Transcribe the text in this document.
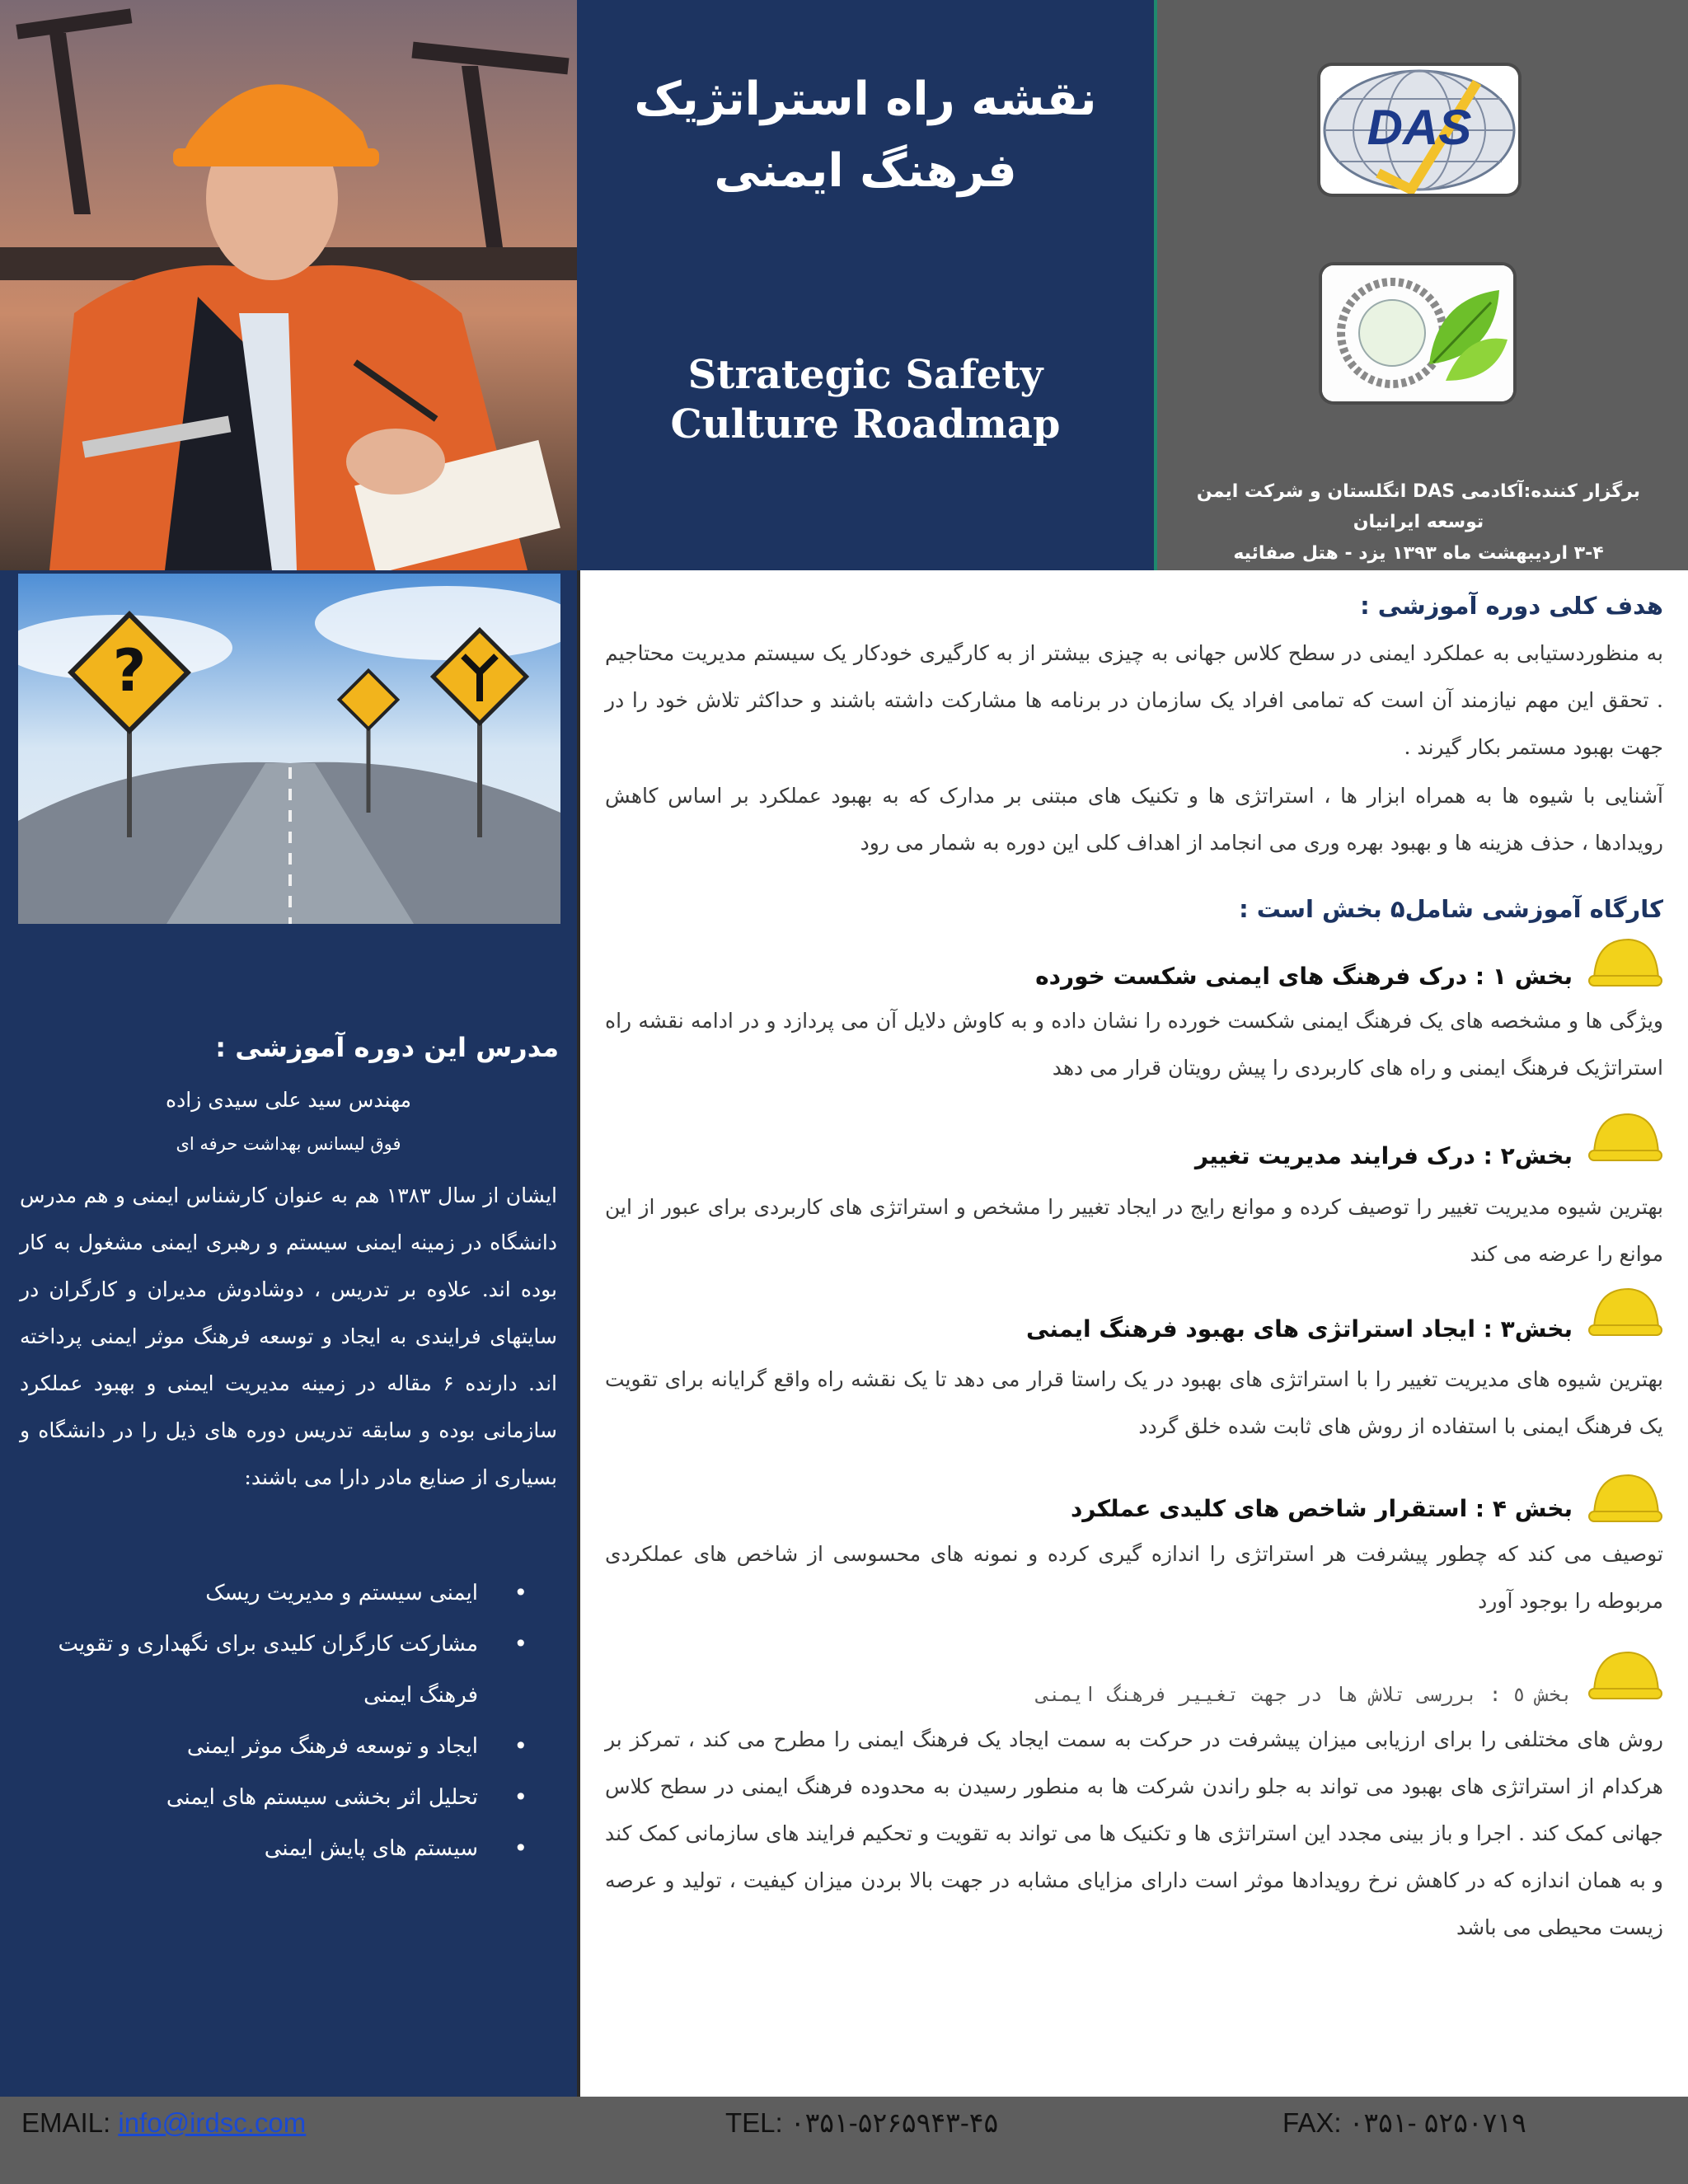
نقشه راه استراتژیک فرهنگ ایمنی
Strategic Safety Culture Roadmap
DAS
برگزار کننده:آکادمی DAS انگلستان و شرکت ایمن توسعه ایرانیان
۳-۴ اردیبهشت ماه ۱۳۹۳ یزد - هتل صفائیه
?
مدرس این دوره آموزشی :
مهندس سید علی سیدی زاده
فوق لیسانس بهداشت حرفه ای
ایشان از سال ۱۳۸۳ هم به عنوان کارشناس ایمنی و هم مدرس دانشگاه در زمینه ایمنی سیستم و رهبری ایمنی مشغول به کار بوده اند. علاوه بر تدریس ، دوشادوش مدیران و کارگران در سایتهای فرایندی به ایجاد و توسعه فرهنگ موثر ایمنی پرداخته اند. دارنده ۶ مقاله در زمینه مدیریت ایمنی و بهبود عملکرد سازمانی بوده و سابقه تدریس دوره های ذیل را در دانشگاه و بسیاری از صنایع مادر دارا می باشند:
• ایمنی سیستم و مدیریت ریسک
• مشارکت کارگران کلیدی برای نگهداری و تقویت فرهنگ ایمنی
• ایجاد و توسعه فرهنگ موثر ایمنی
• تحلیل اثر بخشی سیستم های ایمنی
• سیستم های پایش ایمنی
هدف کلی دوره آموزشی :
به منظوردستیابی به عملکرد ایمنی در سطح کلاس جهانی به چیزی بیشتر از به کارگیری خودکار یک سیستم مدیریت محتاجیم . تحقق این مهم نیازمند آن است که تمامی افراد یک سازمان در برنامه ها مشارکت داشته باشند و حداکثر تلاش خود را در جهت بهبود مستمر بکار گیرند .
آشنایی با شیوه ها به همراه ابزار ها ، استراتژی ها و تکنیک های مبتنی بر مدارک که به بهبود عملکرد بر اساس کاهش رویدادها ، حذف هزینه ها و بهبود بهره وری می انجامد از اهداف کلی این دوره به شمار می رود
کارگاه آموزشی شامل۵ بخش است :
بخش ۱ : درک فرهنگ های ایمنی شکست خورده
ویژگی ها و مشخصه های یک فرهنگ ایمنی شکست خورده را نشان داده و به کاوش دلایل آن می پردازد و در ادامه نقشه راه استراتژیک فرهنگ ایمنی و راه های کاربردی را پیش رویتان قرار می دهد
بخش۲ : درک فرایند مدیریت تغییر
بهترین شیوه مدیریت تغییر را توصیف کرده و موانع رایج در ایجاد تغییر را مشخص و استراتژی های کاربردی برای عبور از این موانع را عرضه می کند
بخش۳ : ایجاد استراتژی های بهبود فرهنگ ایمنی
بهترین شیوه های مدیریت تغییر را با استراتژی های بهبود در یک راستا قرار می دهد تا یک نقشه راه واقع گرایانه برای تقویت یک فرهنگ ایمنی با استفاده از روش های ثابت شده خلق گردد
بخش ۴ : استقرار شاخص های کلیدی عملکرد
توصیف می کند که چطور پیشرفت هر استراتژی را اندازه گیری کرده و نمونه های محسوسی از شاخص های عملکردی مربوطه را بوجود آورد
بخش ٥ : بررسی تلاش ها در جهت تغییر فرهنگ ایمنی
روش های مختلفی را برای ارزیابی میزان پیشرفت در حرکت به سمت ایجاد یک فرهنگ ایمنی را مطرح می کند ، تمرکز بر هرکدام از استراتژی های بهبود می تواند به جلو راندن شرکت ها به منطور رسیدن به محدوده فرهنگ ایمنی در سطح کلاس جهانی کمک کند . اجرا و باز بینی مجدد این استراتژی ها و تکنیک ها می تواند به تقویت و تحکیم فرایند های سازمانی کمک کند و به همان اندازه که در کاهش نرخ رویدادها موثر است دارای مزایای مشابه در جهت بالا بردن میزان کیفیت ، تولید و عرصه زیست محیطی می باشد
EMAIL: info@irdsc.com	TEL: ۰۳۵۱-۵۲۶۵۹۴۳-۴۵	FAX: ۰۳۵۱- ۵۲۵۰۷۱۹
